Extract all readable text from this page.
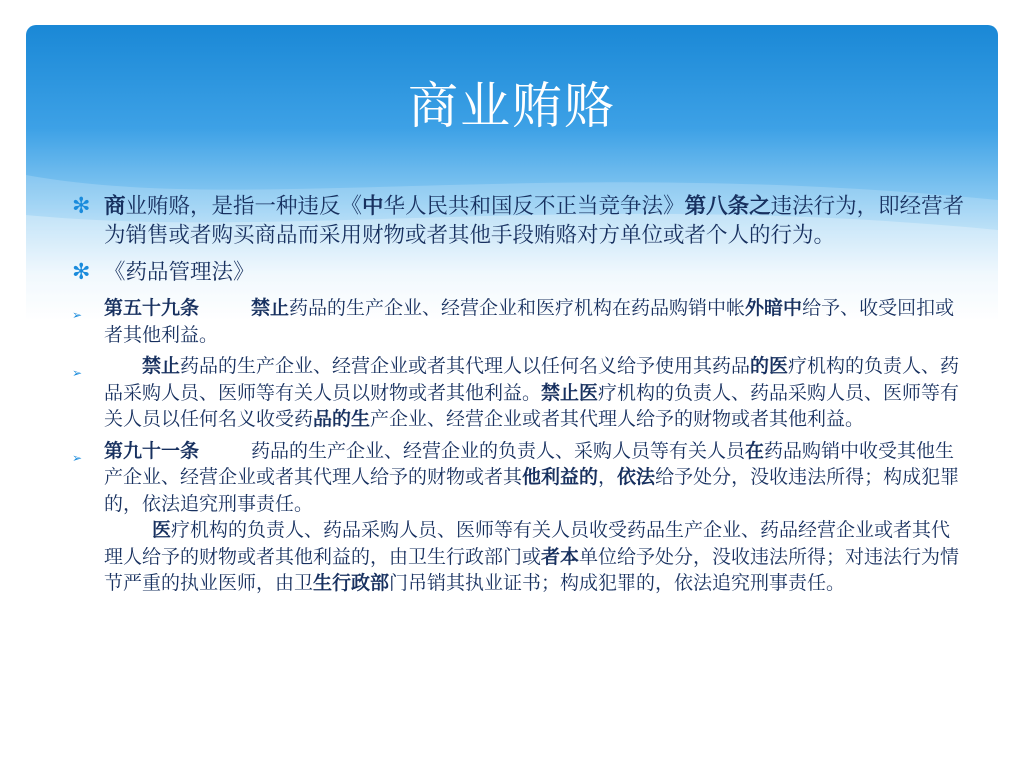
商业贿赂
✻ 商业贿赂，是指一种违反《中华人民共和国反不正当竞争法》第八条之违法行为，即经营者为销售或者购买商品而采用财物或者其他手段贿赂对方单位或者个人的行为。
✻ 《药品管理法》
➢ 第五十九条	禁止药品的生产企业、经营企业和医疗机构在药品购销中帐外暗中给予、收受回扣或者其他利益。
➢	禁止药品的生产企业、经营企业或者其代理人以任何名义给予使用其药品的医疗机构的负责人、药品采购人员、医师等有关人员以财物或者其他利益。禁止医疗机构的负责人、药品采购人员、医师等有关人员以任何名义收受药品的生产企业、经营企业或者其代理人给予的财物或者其他利益。
➢ 第九十一条	药品的生产企业、经营企业的负责人、采购人员等有关人员在药品购销中收受其他生产企业、经营企业或者其代理人给予的财物或者其他利益的，依法给予处分，没收违法所得；构成犯罪的，依法追究刑事责任。
医疗机构的负责人、药品采购人员、医师等有关人员收受药品生产企业、药品经营企业或者其代理人给予的财物或者其他利益的，由卫生行政部门或者本单位给予处分，没收违法所得；对违法行为情节严重的执业医师，由卫生行政部门吊销其执业证书；构成犯罪的，依法追究刑事责任。
